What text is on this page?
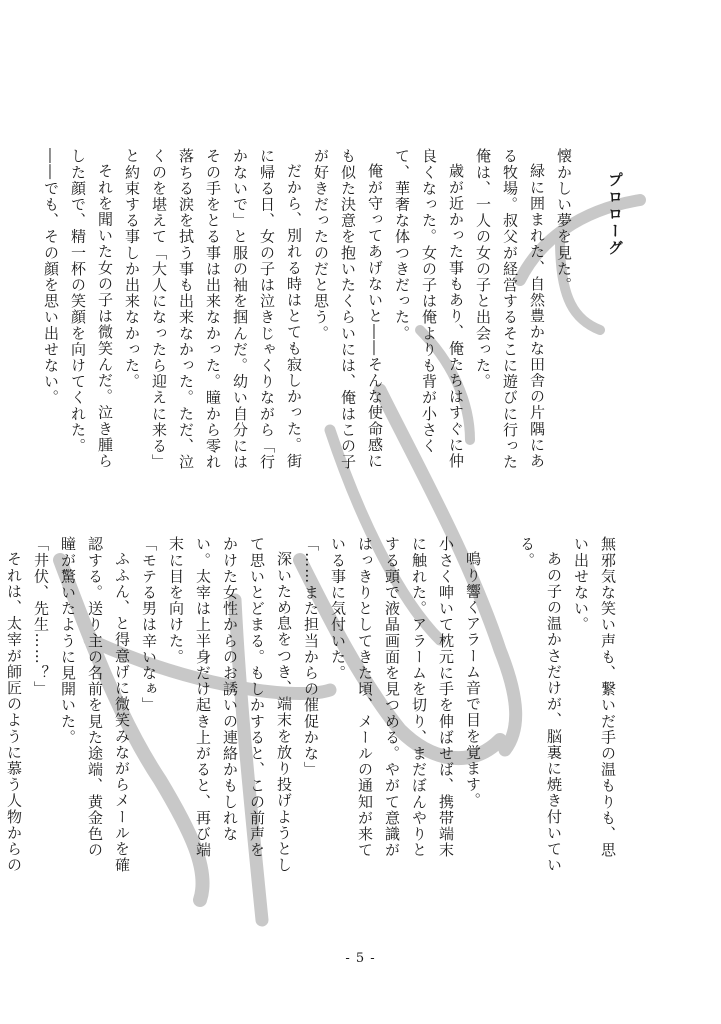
プロローグ

懐かしい夢を見た。

緑に囲まれた、自然豊かな田舎の片隅にある牧場。叔父が経営するそこに遊びに行った俺は、一人の女の子と出会った。

歳が近かった事もあり、俺たちはすぐに仲良くなった。女の子は俺よりも背が小さくて、華奢な体つきだった。

俺が守ってあげないと――そんな使命感にも似た決意を抱いたくらいには、俺はこの子が好きだったのだと思う。

だから、別れる時はとても寂しかった。街に帰る日、女の子は泣きじゃくりながら「行かないで」と服の袖を掴んだ。幼い自分にはその手をとる事は出来なかった。瞳から零れ落ちる涙を拭う事も出来なかった。ただ、泣くのを堪えて「大人になったら迎えに来る」と約束する事しか出来なかった。

それを聞いた女の子は微笑んだ。泣き腫らした顔で、精一杯の笑顔を向けてくれた。

――でも、その顔を思い出せない。

無邪気な笑い声も、繋いだ手の温もりも、思い出せない。

あの子の温かさだけが、脳裏に焼き付いている。

鳴り響くアラーム音で目を覚ます。

小さく呻いて枕元に手を伸ばせば、携帯端末に触れた。アラームを切り、まだぼんやりとする頭で液晶画面を見つめる。やがて意識がはっきりとしてきた頃、メールの通知が来ている事に気付いた。

「……また担当からの催促かな」

深いため息をつき、端末を放り投げようとして思いとどまる。もしかすると、この前声をかけた女性からのお誘いの連絡かもしれない。太宰は上半身だけ起き上がると、再び端末に目を向けた。

「モテる男は辛いなぁ」

ふふん、と得意げに微笑みながらメールを確認する。送り主の名前を見た途端、黄金色の瞳が驚いたように見開いた。

「井伏、先生……？」

それは、太宰が師匠のように慕う人物からの

- 5 -
